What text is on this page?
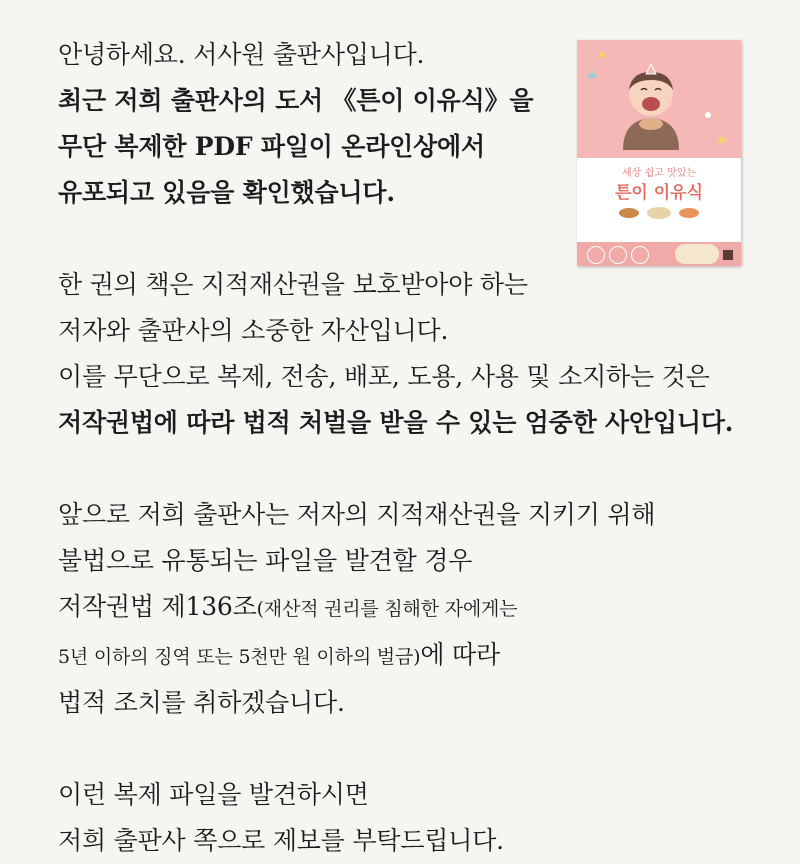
안녕하세요. 서사원 출판사입니다.
최근 저희 출판사의 도서 《튼이 이유식》을
무단 복제한 PDF 파일이 온라인상에서
유포되고 있음을 확인했습니다.
한 권의 책은 지적재산권을 보호받아야 하는
저자와 출판사의 소중한 자산입니다.
이를 무단으로 복제, 전송, 배포, 도용, 사용 및 소지하는 것은
저작권법에 따라 법적 처벌을 받을 수 있는 엄중한 사안입니다.
앞으로 저희 출판사는 저자의 지적재산권을 지키기 위해
불법으로 유통되는 파일을 발견할 경우
저작권법 제136조(재산적 권리를 침해한 자에게는
5년 이하의 징역 또는 5천만 원 이하의 벌금)에 따라
법적 조치를 취하겠습니다.
이런 복제 파일을 발견하시면
저희 출판사 쪽으로 제보를 부탁드립니다.
세상 쉽고 맛있는
튼이 이유식
